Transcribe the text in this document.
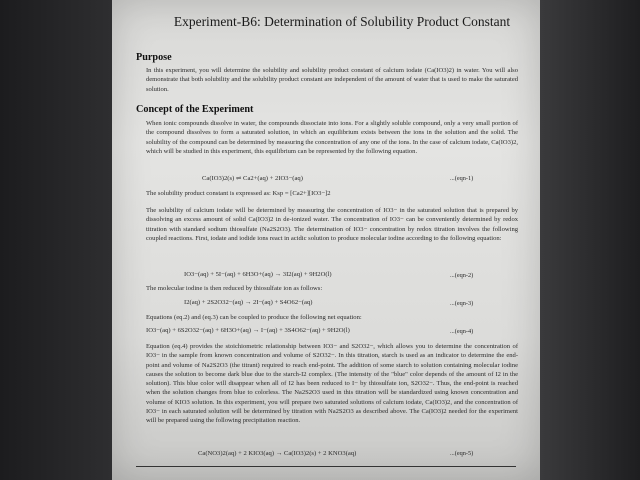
Experiment-B6: Determination of Solubility Product Constant
Purpose
In this experiment, you will determine the solubility and solubility product constant of calcium iodate (Ca(IO3)2) in water. You will also demonstrate that both solubility and the solubility product constant are independent of the amount of water that is used to make the saturated solution.
Concept of the Experiment
When ionic compounds dissolve in water, the compounds dissociate into ions. For a slightly soluble compound, only a very small portion of the compound dissolves to form a saturated solution, in which an equilibrium exists between the ions in the solution and the solid. The solubility of the compound can be determined by measuring the concentration of any one of the ions. In the case of calcium iodate, Ca(IO3)2, which will be studied in this experiment, this equilibrium can be represented by the following equation.
Ca(IO3)2(s) ⇌ Ca2+(aq) + 2IO3−(aq)	...(eqn-1)
The solubility product constant is expressed as: Ksp = [Ca2+][IO3−]2
The solubility of calcium iodate will be determined by measuring the concentration of IO3− in the saturated solution that is prepared by dissolving an excess amount of solid Ca(IO3)2 in de-ionized water. The concentration of IO3− can be conveniently determined by redox titration with standard sodium thiosulfate (Na2S2O3). The determination of IO3− concentration by redox titration involves the following coupled reactions. First, iodate and iodide ions react in acidic solution to produce molecular iodine according to the following equation:
IO3−(aq) + 5I−(aq) + 6H3O+(aq) → 3I2(aq) + 9H2O(l)	...(eqn-2)
The molecular iodine is then reduced by thiosulfate ion as follows:
I2(aq) + 2S2O32−(aq) → 2I−(aq) + S4O62−(aq)	...(eqn-3)
Equations (eq.2) and (eq.3) can be coupled to produce the following net equation:
IO3−(aq) + 6S2O32−(aq) + 6H3O+(aq) → I−(aq) + 3S4O62−(aq) + 9H2O(l)	...(eqn-4)
Equation (eq.4) provides the stoichiometric relationship between IO3− and S2O32−, which allows you to determine the concentration of IO3− in the sample from known concentration and volume of S2O32−. In this titration, starch is used as an indicator to determine the end-point and volume of Na2S2O3 (the titrant) required to reach end-point. The addition of some starch to solution containing molecular iodine causes the solution to become dark blue due to the starch-I2 complex. (The intensity of the "blue" color depends of the amount of I2 in the solution). This blue color will disappear when all of I2 has been reduced to I− by thiosulfate ion, S2O32−. Thus, the end-point is reached when the solution changes from blue to colorless. The Na2S2O3 used in this titration will be standardized using known concentration and volume of KIO3 solution. In this experiment, you will prepare two saturated solutions of calcium iodate, Ca(IO3)2, and the concentration of IO3− in each saturated solution will be determined by titration with Na2S2O3 as described above. The Ca(IO3)2 needed for the experiment will be prepared using the following precipitation reaction.
Ca(NO3)2(aq) + 2 KIO3(aq) → Ca(IO3)2(s) + 2 KNO3(aq)	...(eqn-5)
